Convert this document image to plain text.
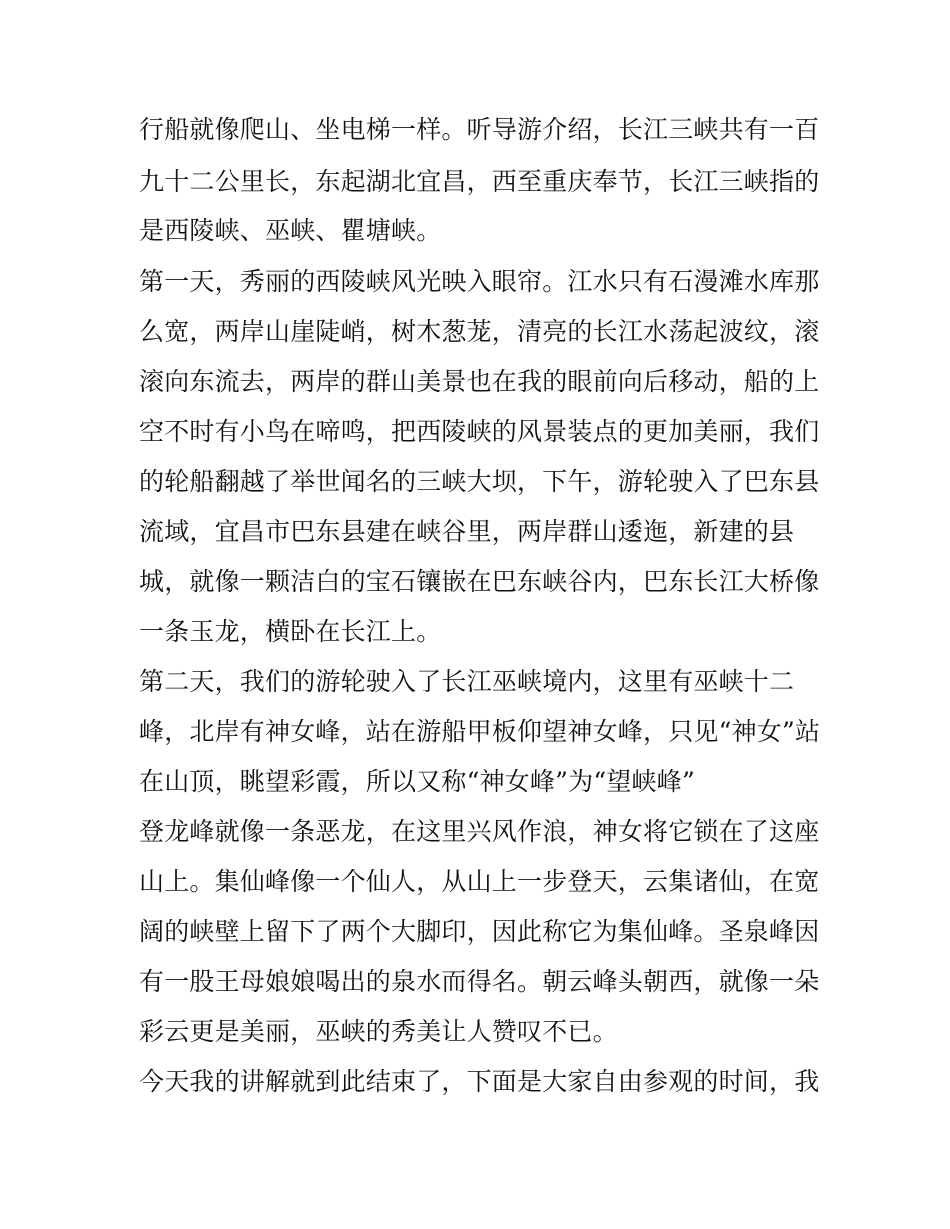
行船就像爬山、坐电梯一样。听导游介绍，长江三峡共有一百
九十二公里长，东起湖北宜昌，西至重庆奉节，长江三峡指的
是西陵峡、巫峡、瞿塘峡。
第一天，秀丽的西陵峡风光映入眼帘。江水只有石漫滩水库那
么宽，两岸山崖陡峭，树木葱茏，清亮的长江水荡起波纹，滚
滚向东流去，两岸的群山美景也在我的眼前向后移动，船的上
空不时有小鸟在啼鸣，把西陵峡的风景装点的更加美丽，我们
的轮船翻越了举世闻名的三峡大坝，下午，游轮驶入了巴东县
流域，宜昌市巴东县建在峡谷里，两岸群山逶迤，新建的县
城，就像一颗洁白的宝石镶嵌在巴东峡谷内，巴东长江大桥像
一条玉龙，横卧在长江上。
第二天，我们的游轮驶入了长江巫峡境内，这里有巫峡十二
峰，北岸有神女峰，站在游船甲板仰望神女峰，只见“神女”站
在山顶，眺望彩霞，所以又称“神女峰”为“望峡峰”
登龙峰就像一条恶龙，在这里兴风作浪，神女将它锁在了这座
山上。集仙峰像一个仙人，从山上一步登天，云集诸仙，在宽
阔的峡壁上留下了两个大脚印，因此称它为集仙峰。圣泉峰因
有一股王母娘娘喝出的泉水而得名。朝云峰头朝西，就像一朵
彩云更是美丽，巫峡的秀美让人赞叹不已。
今天我的讲解就到此结束了，下面是大家自由参观的时间，我
